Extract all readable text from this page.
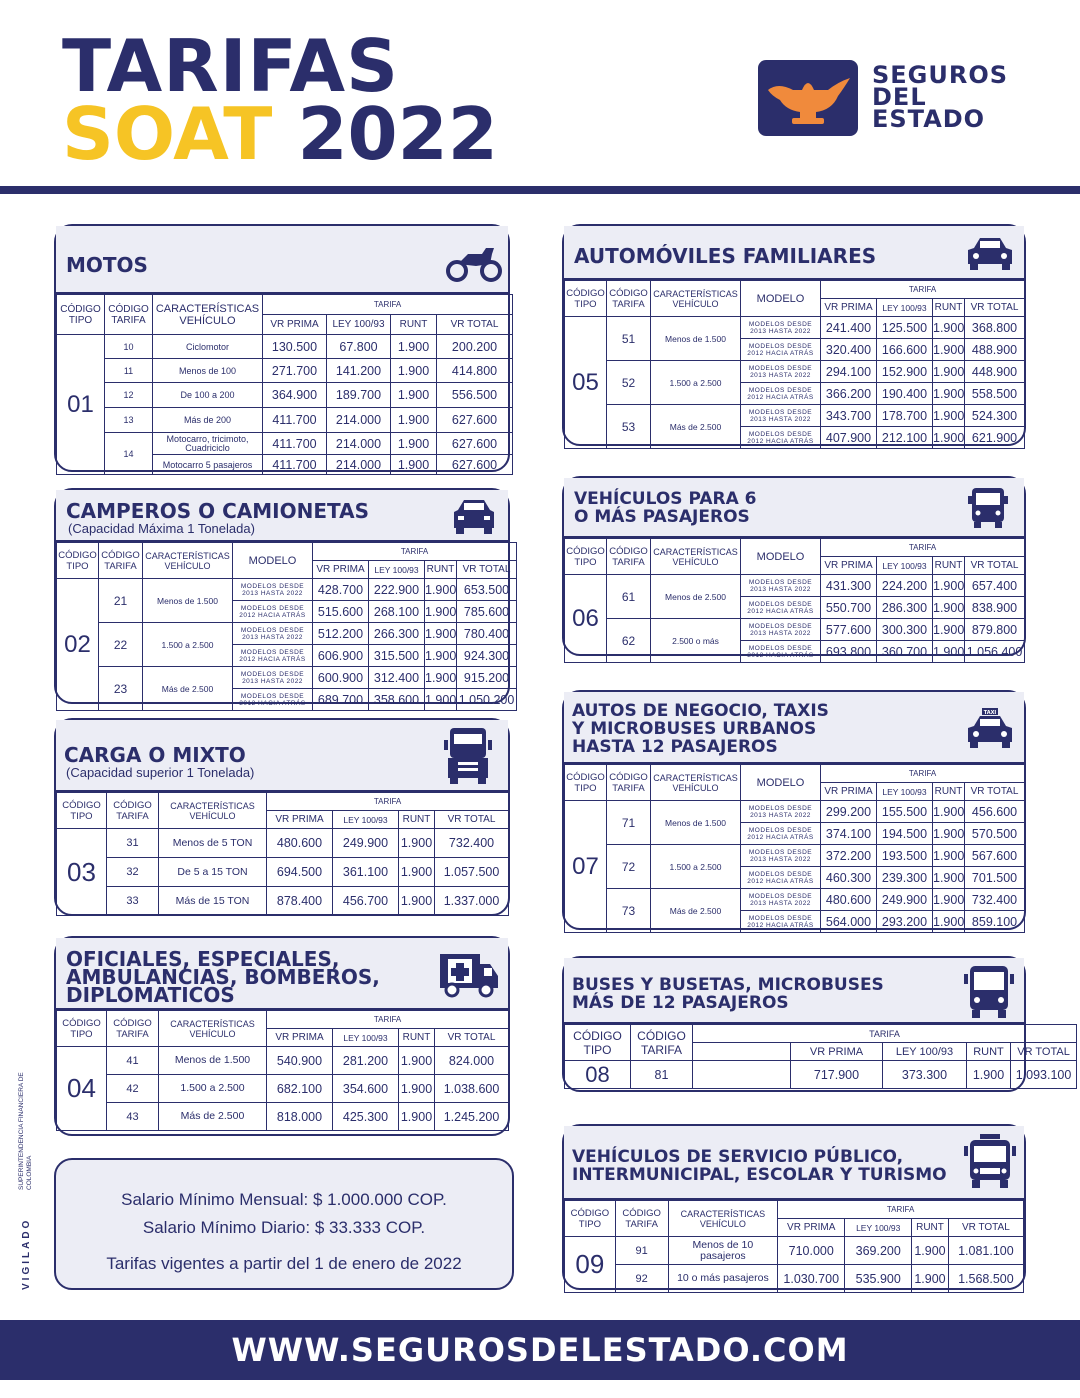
TARIFAS
SOAT 2022
SEGUROS
DEL
ESTADO
MOTOS
CÓDIGO TIPO	CÓDIGO TARIFA	CARACTERÍSTICAS VEHÍCULO	TARIFA			
			VR PRIMA	LEY 100/93	RUNT	VR TOTAL
01	10	Ciclomotor	130.500	67.800	1.900	200.200
	11	Menos de 100	271.700	141.200	1.900	414.800
	12	De 100 a 200	364.900	189.700	1.900	556.500
	13	Más de 200	411.700	214.000	1.900	627.600
	14	Motocarro, tricimoto, Cuadriciclo	411.700	214.000	1.900	627.600
		Motocarro 5 pasajeros	411.700	214.000	1.900	627.600
CAMPEROS O CAMIONETAS
(Capacidad Máxima 1 Tonelada)
CÓDIGO TIPO	CÓDIGO TARIFA	CARACTERÍSTICAS VEHÍCULO	MODELO	TARIFA			
				VR PRIMA	LEY 100/93	RUNT	VR TOTAL
02	21	Menos de 1.500	MODELOS DESDE 2013 HASTA 2022	428.700	222.900	1.900	653.500
			MODELOS DESDE 2012 HACIA ATRÁS	515.600	268.100	1.900	785.600
	22	1.500 a 2.500	MODELOS DESDE 2013 HASTA 2022	512.200	266.300	1.900	780.400
			MODELOS DESDE 2012 HACIA ATRÁS	606.900	315.500	1.900	924.300
	23	Más de 2.500	MODELOS DESDE 2013 HASTA 2022	600.900	312.400	1.900	915.200
			MODELOS DESDE 2012 HACIA ATRÁS	689.700	358.600	1.900	1.050.200
CARGA O MIXTO
(Capacidad superior 1 Tonelada)
CÓDIGO TIPO	CÓDIGO TARIFA	CARACTERÍSTICAS VEHÍCULO	TARIFA			
			VR PRIMA	LEY 100/93	RUNT	VR TOTAL
03	31	Menos de 5 TON	480.600	249.900	1.900	732.400
	32	De 5 a 15 TON	694.500	361.100	1.900	1.057.500
	33	Más de 15 TON	878.400	456.700	1.900	1.337.000
OFICIALES, ESPECIALES,
AMBULANCIAS, BOMBEROS,
DIPLOMATICOS
CÓDIGO TIPO	CÓDIGO TARIFA	CARACTERÍSTICAS VEHÍCULO	TARIFA			
			VR PRIMA	LEY 100/93	RUNT	VR TOTAL
04	41	Menos de 1.500	540.900	281.200	1.900	824.000
	42	1.500 a 2.500	682.100	354.600	1.900	1.038.600
	43	Más de 2.500	818.000	425.300	1.900	1.245.200
Salario Mínimo Mensual: $ 1.000.000 COP.
Salario Mínimo Diario: $ 33.333 COP.
Tarifas vigentes a partir del 1 de enero de 2022
AUTOMÓVILES FAMILIARES
CÓDIGO TIPO	CÓDIGO TARIFA	CARACTERÍSTICAS VEHÍCULO	MODELO	TARIFA			
				VR PRIMA	LEY 100/93	RUNT	VR TOTAL
05	51	Menos de 1.500	MODELOS DESDE 2013 HASTA 2022	241.400	125.500	1.900	368.800
			MODELOS DESDE 2012 HACIA ATRÁS	320.400	166.600	1.900	488.900
	52	1.500 a 2.500	MODELOS DESDE 2013 HASTA 2022	294.100	152.900	1.900	448.900
			MODELOS DESDE 2012 HACIA ATRÁS	366.200	190.400	1.900	558.500
	53	Más de 2.500	MODELOS DESDE 2013 HASTA 2022	343.700	178.700	1.900	524.300
			MODELOS DESDE 2012 HACIA ATRÁS	407.900	212.100	1.900	621.900
VEHÍCULOS PARA 6
O MÁS PASAJEROS
CÓDIGO TIPO	CÓDIGO TARIFA	CARACTERÍSTICAS VEHÍCULO	MODELO	TARIFA			
				VR PRIMA	LEY 100/93	RUNT	VR TOTAL
06	61	Menos de 2.500	MODELOS DESDE 2013 HASTA 2022	431.300	224.200	1.900	657.400
			MODELOS DESDE 2012 HACIA ATRÁS	550.700	286.300	1.900	838.900
	62	2.500 o más	MODELOS DESDE 2013 HASTA 2022	577.600	300.300	1.900	879.800
			MODELOS DESDE 2012 HACIA ATRÁS	693.800	360.700	1.900	1.056.400
AUTOS DE NEGOCIO, TAXIS
Y MICROBUSES URBANOS
HASTA 12 PASAJEROS
TAXI
CÓDIGO TIPO	CÓDIGO TARIFA	CARACTERÍSTICAS VEHÍCULO	MODELO	TARIFA			
				VR PRIMA	LEY 100/93	RUNT	VR TOTAL
07	71	Menos de 1.500	MODELOS DESDE 2013 HASTA 2022	299.200	155.500	1.900	456.600
			MODELOS DESDE 2012 HACIA ATRÁS	374.100	194.500	1.900	570.500
	72	1.500 a 2.500	MODELOS DESDE 2013 HASTA 2022	372.200	193.500	1.900	567.600
			MODELOS DESDE 2012 HACIA ATRÁS	460.300	239.300	1.900	701.500
	73	Más de 2.500	MODELOS DESDE 2013 HASTA 2022	480.600	249.900	1.900	732.400
			MODELOS DESDE 2012 HACIA ATRÁS	564.000	293.200	1.900	859.100
BUSES Y BUSETAS, MICROBUSES
MÁS DE 12 PASAJEROS
CÓDIGO TIPO	CÓDIGO TARIFA	TARIFA				
			VR PRIMA	LEY 100/93	RUNT	VR TOTAL
08	81		717.900	373.300	1.900	1.093.100
VEHÍCULOS DE SERVICIO PÚBLICO,
INTERMUNICIPAL, ESCOLAR Y TURISMO
CÓDIGO TIPO	CÓDIGO TARIFA	CARACTERÍSTICAS VEHÍCULO	TARIFA			
			VR PRIMA	LEY 100/93	RUNT	VR TOTAL
09	91	Menos de 10 pasajeros	710.000	369.200	1.900	1.081.100
	92	10 o más pasajeros	1.030.700	535.900	1.900	1.568.500
SUPERINTENDENCIA FINANCIERA DE COLOMBIA
VIGILADO
WWW.SEGUROSDELESTADO.COM
